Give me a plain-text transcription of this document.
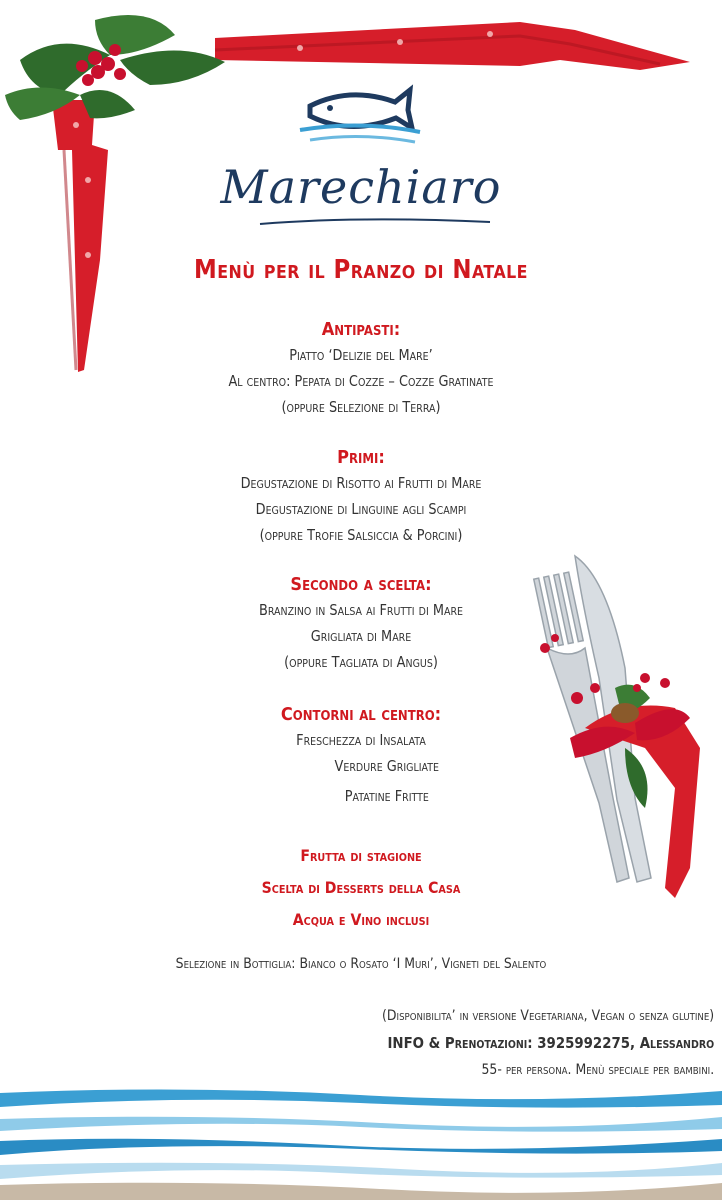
Marechiaro
Menù per il Pranzo di Natale
Antipasti:
Piatto ‘Delizie del Mare’
Al centro: Pepata di Cozze – Cozze Gratinate
(oppure Selezione di Terra)
Primi:
Degustazione di Risotto ai Frutti di Mare
Degustazione di Linguine agli Scampi
(oppure Trofie Salsiccia & Porcini)
Secondo a scelta:
Branzino in Salsa ai Frutti di Mare
Grigliata di Mare
(oppure Tagliata di Angus)
Contorni al centro:
Freschezza di Insalata
Verdure Grigliate
Patatine Fritte
Frutta di stagione
Scelta di Desserts della Casa
Acqua e Vino inclusi
Selezione in Bottiglia: Bianco o Rosato ‘I Muri’, Vigneti del Salento
(Disponibilita’ in versione Vegetariana, Vegan o senza glutine)
INFO & Prenotazioni: 3925992275, Alessandro
55- per persona. Menù speciale per bambini.
